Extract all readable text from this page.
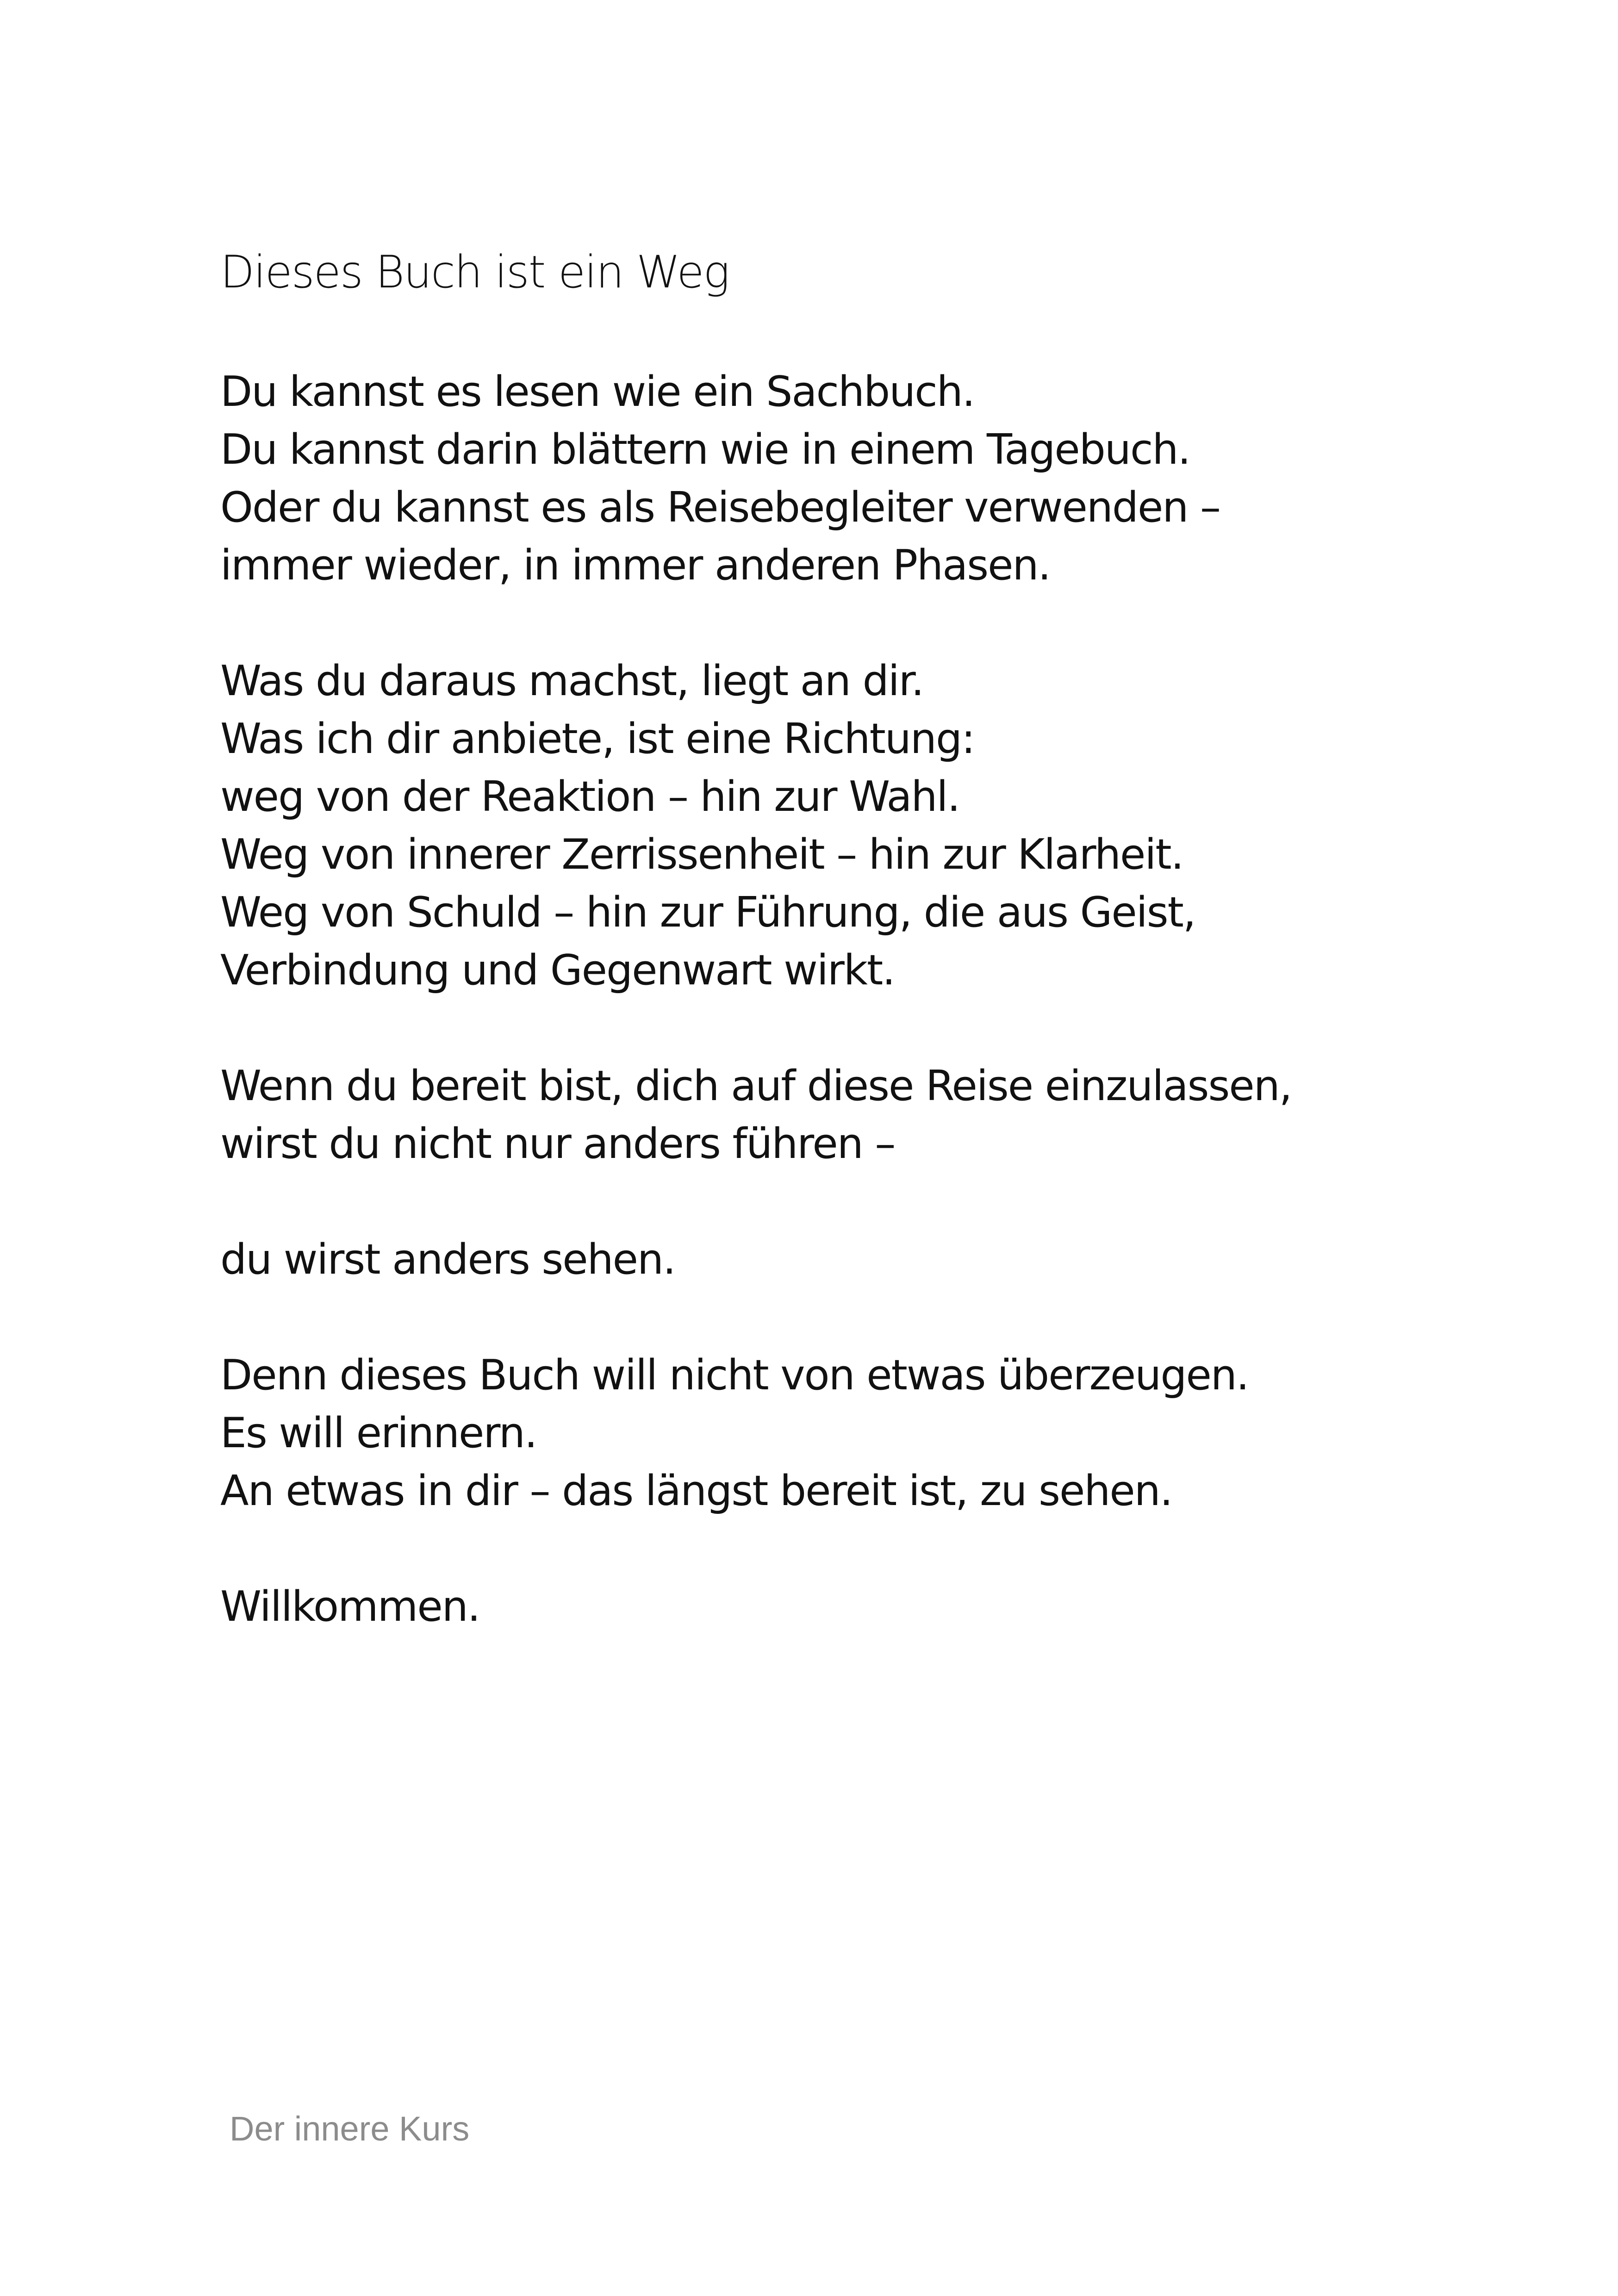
Dieses Buch ist ein Weg

Du kannst es lesen wie ein Sachbuch.
Du kannst darin blättern wie in einem Tagebuch.
Oder du kannst es als Reisebegleiter verwenden –
immer wieder, in immer anderen Phasen.

Was du daraus machst, liegt an dir.
Was ich dir anbiete, ist eine Richtung:
weg von der Reaktion – hin zur Wahl.
Weg von innerer Zerrissenheit – hin zur Klarheit.
Weg von Schuld – hin zur Führung, die aus Geist,
Verbindung und Gegenwart wirkt.

Wenn du bereit bist, dich auf diese Reise einzulassen,
wirst du nicht nur anders führen –

du wirst anders sehen.

Denn dieses Buch will nicht von etwas überzeugen.
Es will erinnern.
An etwas in dir – das längst bereit ist, zu sehen.

Willkommen.

Der innere Kurs
